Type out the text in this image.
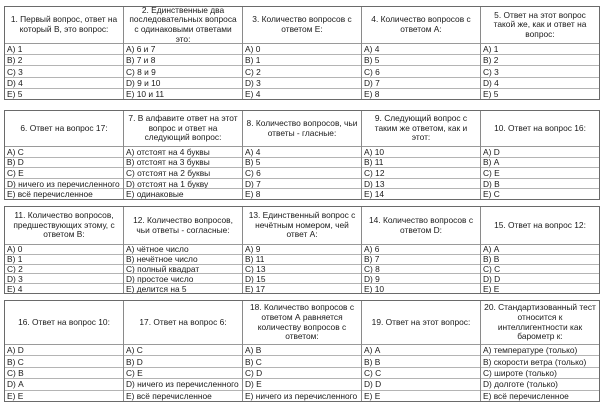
1. Первый вопрос, ответ на который В, это вопрос:
А) 1
В) 2
С) 3
D) 4
E) 5
2. Единственные два последовательных вопроса с одинаковыми ответами это:
А) 6 и 7
В) 7 и 8
С) 8 и 9
D) 9 и 10
E) 10 и 11
3. Количество вопросов с ответом Е:
А) 0
В) 1
С) 2
D) 3
E) 4
4. Количество вопросов с ответом А:
А) 4
В) 5
С) 6
D) 7
E) 8
5. Ответ на этот вопрос такой же, как и ответ на вопрос:
А) 1
В) 2
С) 3
D) 4
E) 5
6. Ответ на вопрос 17:
А) С
В) D
С) E
D) ничего из перечисленного
E) всё перечисленное
7. В алфавите ответ на этот вопрос и ответ на следующий вопрос:
А) отстоят на 4 буквы
В) отстоят на 3 буквы
С) отстоят на 2 буквы
D) отстоят на 1 букву
E) одинаковые
8. Количество вопросов, чьи ответы - гласные:
А) 4
В) 5
С) 6
D) 7
E) 8
9. Следующий вопрос с таким же ответом, как и этот:
А) 10
В) 11
С) 12
D) 13
E) 14
10. Ответ на вопрос 16:
А) D
В) А
С) E
D) В
E) С
11. Количество вопросов, предшествующих этому, с ответом В:
А) 0
В) 1
С) 2
D) 3
E) 4
12. Количество вопросов, чьи ответы - согласные:
А) чётное число
В) нечётное число
С) полный квадрат
D) простое число
E) делится на 5
13. Единственный вопрос с нечётным номером, чей ответ А:
А) 9
В) 11
С) 13
D) 15
E) 17
14. Количество вопросов с ответом D:
А) 6
В) 7
С) 8
D) 9
E) 10
15. Ответ на вопрос 12:
А) А
В) В
С) С
D) D
E) E
16. Ответ на вопрос 10:
А) D
В) С
С) В
D) А
E) E
17. Ответ на вопрос 6:
А) С
В) D
С) E
D) ничего из перечисленного
E) всё перечисленное
18. Количество вопросов с ответом А равняется количеству вопросов с ответом:
А) В
В) С
С) D
D) E
E) ничего из перечисленного
19. Ответ на этот вопрос:
А) А
В) В
С) С
D) D
E) E
20. Стандартизованный тест относится к интеллигентности как барометр к:
А) температуре (только)
В) скорости ветра (только)
С) широте (только)
D) долготе (только)
E) всё перечисленное
